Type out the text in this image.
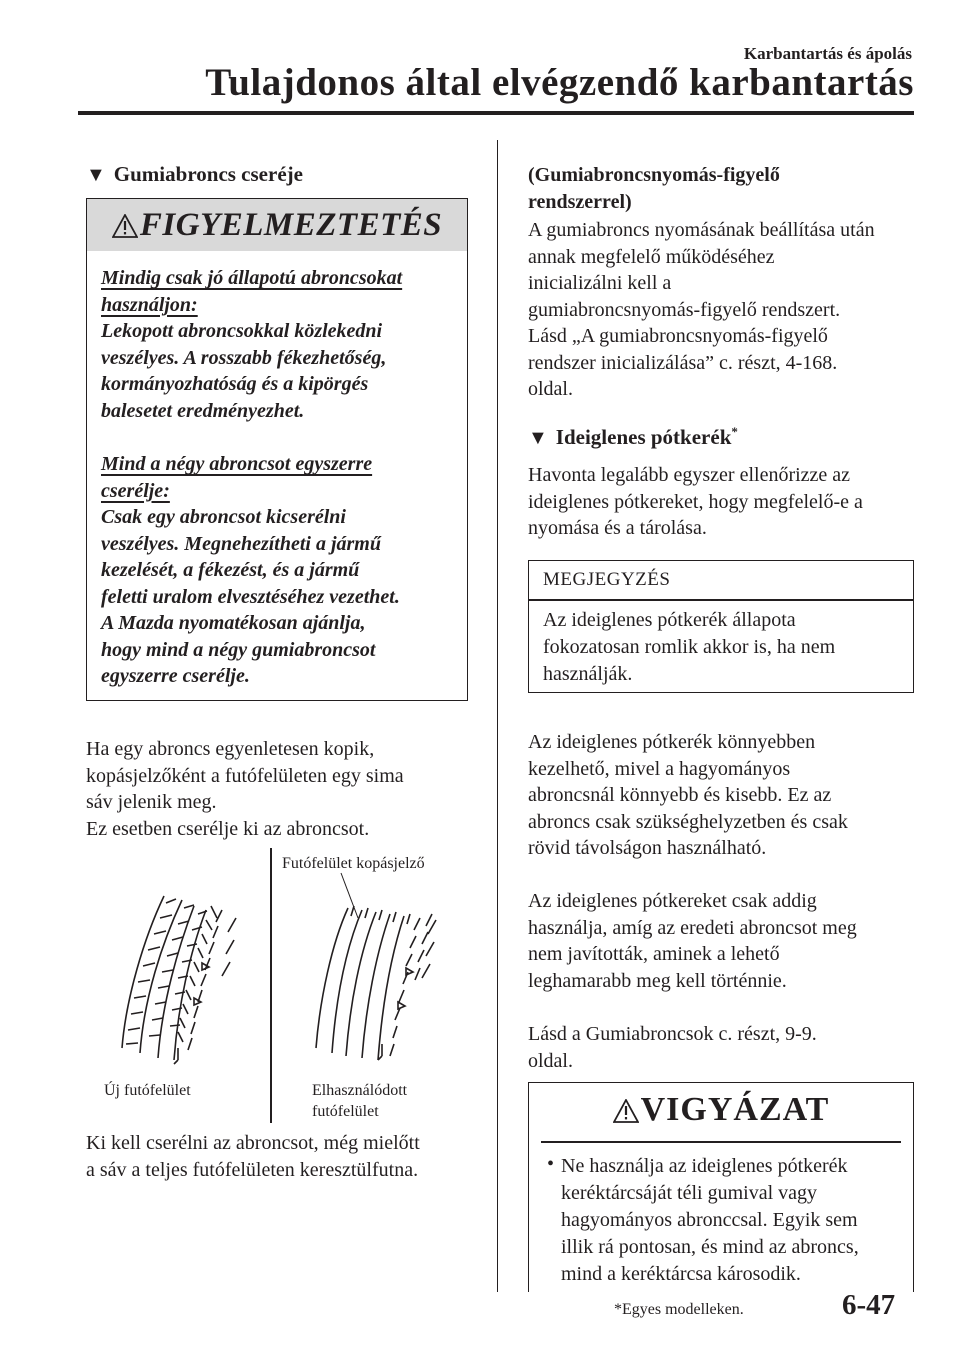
Karbantartás és ápolás
Tulajdonos által elvégzendő karbantartás
▼ Gumiabroncs cseréje
FIGYELMEZTETÉS
Mindig csak jó állapotú abroncsokat
használjon:
Lekopott abroncsokkal közlekedni
veszélyes. A rosszabb fékezhetőség,
kormányozhatóság és a kipörgés
balesetet eredményezhet.
Mind a négy abroncsot egyszerre
cserélje:
Csak egy abroncsot kicserélni
veszélyes. Megnehezítheti a jármű
kezelését, a fékezést, és a jármű
feletti uralom elvesztéséhez vezethet.
A Mazda nyomatékosan ajánlja,
hogy mind a négy gumiabroncsot
egyszerre cserélje.
Ha egy abroncs egyenletesen kopik,
kopásjelzőként a futófelületen egy sima
sáv jelenik meg.
Ez esetben cserélje ki az abroncsot.
Futófelület kopásjelző
Új futófelület	Elhasználódott
futófelület
Ki kell cserélni az abroncsot, még mielőtt
a sáv a teljes futófelületen keresztülfutna.
(Gumiabroncsnyomás-figyelő
rendszerrel)
A gumiabroncs nyomásának beállítása után
annak megfelelő működéséhez
inicializálni kell a
gumiabroncsnyomás-figyelő rendszert.
Lásd „A gumiabroncsnyomás-figyelő
rendszer inicializálása” c. részt, 4-168.
oldal.
▼ Ideiglenes pótkerék*
Havonta legalább egyszer ellenőrizze az
ideiglenes pótkereket, hogy megfelelő-e a
nyomása és a tárolása.
MEGJEGYZÉS
Az ideiglenes pótkerék állapota
fokozatosan romlik akkor is, ha nem
használják.
Az ideiglenes pótkerék könnyebben
kezelhető, mivel a hagyományos
abroncsnál könnyebb és kisebb. Ez az
abroncs csak szükséghelyzetben és csak
rövid távolságon használható.
Az ideiglenes pótkereket csak addig
használja, amíg az eredeti abroncsot meg
nem javították, aminek a lehető
leghamarabb meg kell történnie.
Lásd a Gumiabroncsok c. részt, 9-9.
oldal.
VIGYÁZAT
• Ne használja az ideiglenes pótkerék
keréktárcsáját téli gumival vagy
hagyományos abronccsal. Egyik sem
illik rá pontosan, és mind az abroncs,
mind a keréktárcsa károsodik.
*Egyes modelleken.	6-47
